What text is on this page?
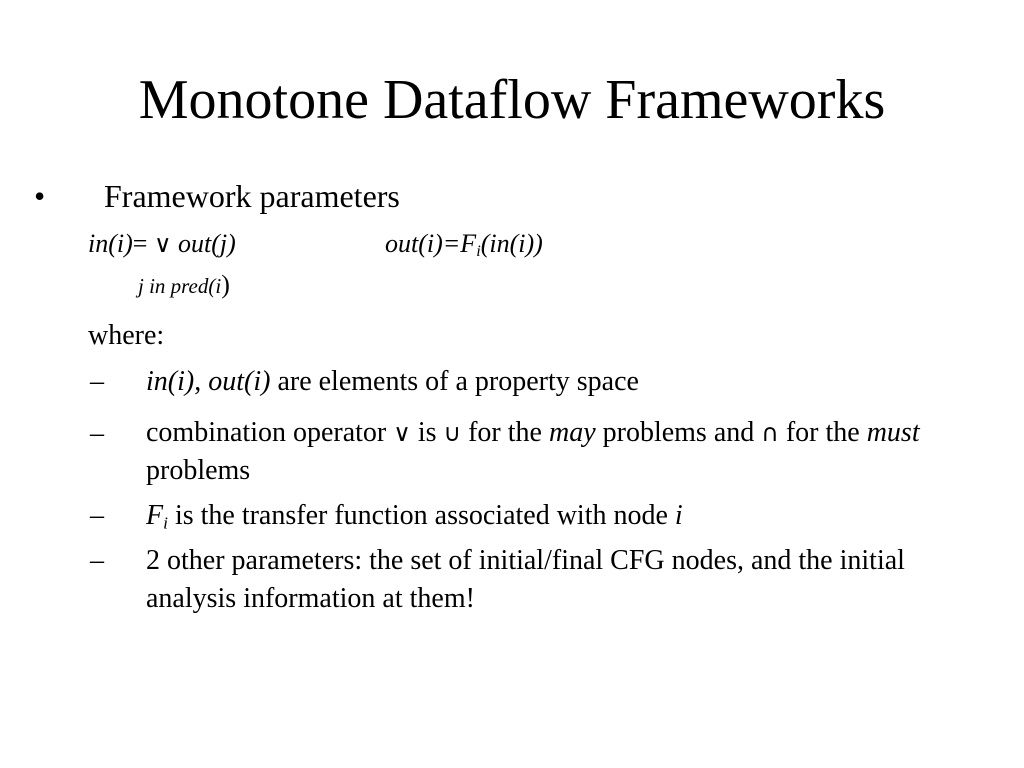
Monotone Dataflow Frameworks
• Framework parameters
in(i)= ∨ out(j)
j in pred(i)
$out(i)=F_i(in(i))$
where:
– in(i), out(i) are elements of a property space
– combination operator ∨ is ∪ for the may problems and ∩ for the must problems
– $F_i$ is the transfer function associated with node i
– 2 other parameters: the set of initial/final CFG nodes, and the initial analysis information at them!
